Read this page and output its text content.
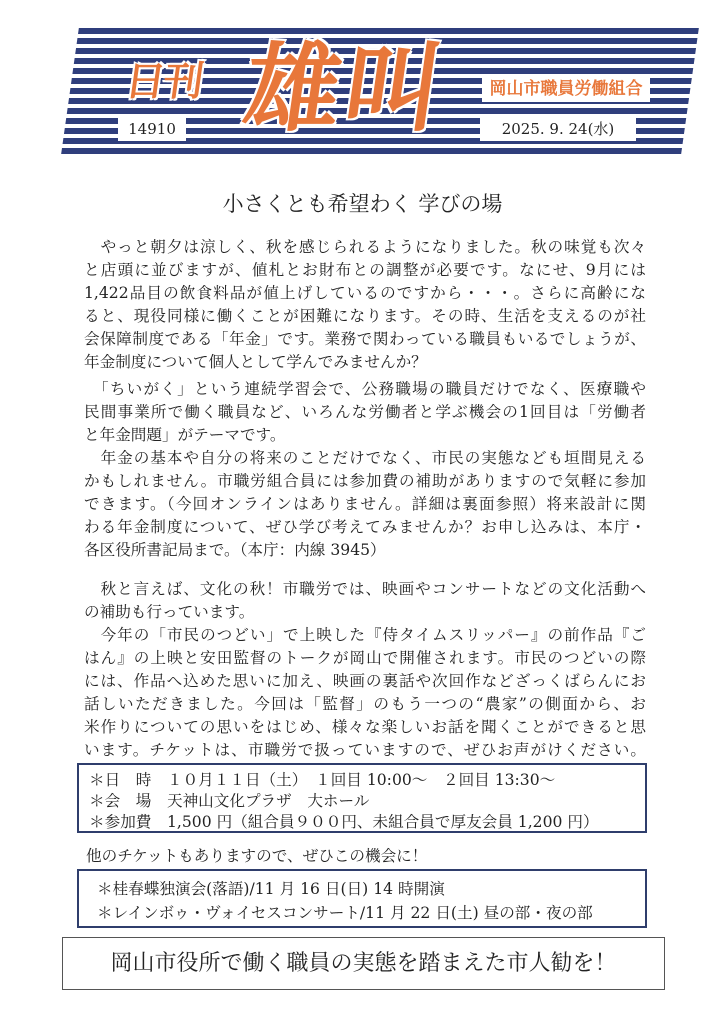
日刊 雄叫	岡山市職員労働組合
14910	2025. 9. 24(水)
小さくとも希望わく 学びの場
　やっと朝夕は涼しく、秋を感じられるようになりました。秋の味覚も次々
と店頭に並びますが、値札とお財布との調整が必要です。なにせ、9月には
1,422品目の飲食料品が値上げしているのですから・・・。さらに高齢にな
ると、現役同様に働くことが困難になります。その時、生活を支えるのが社
会保障制度である「年金」です。業務で関わっている職員もいるでしょうが、
年金制度について個人として学んでみませんか？
　「ちいがく」という連続学習会で、公務職場の職員だけでなく、医療職や
民間事業所で働く職員など、いろんな労働者と学ぶ機会の1回目は「労働者
と年金問題」がテーマです。
　年金の基本や自分の将来のことだけでなく、市民の実態なども垣間見える
かもしれません。市職労組合員には参加費の補助がありますので気軽に参加
できます。（今回オンラインはありません。詳細は裏面参照）将来設計に関
わる年金制度について、ぜひ学び考えてみませんか？お申し込みは、本庁・
各区役所書記局まで。（本庁：内線 3945）
　秋と言えば、文化の秋！市職労では、映画やコンサートなどの文化活動へ
の補助も行っています。
　今年の「市民のつどい」で上映した『侍タイムスリッパー』の前作品『ご
はん』の上映と安田監督のトークが岡山で開催されます。市民のつどいの際
には、作品へ込めた思いに加え、映画の裏話や次回作などざっくばらんにお
話しいただきました。今回は「監督」のもう一つの“農家”の側面から、お
米作りについての思いをはじめ、様々な楽しいお話を聞くことができると思
います。チケットは、市職労で扱っていますので、ぜひお声がけください。
＊日　時　１０月１１日（土）　１回目 10:00～　２回目 13:30～
＊会　場　天神山文化プラザ　大ホール
＊参加費　1,500 円（組合員９００円、未組合員で厚友会員 1,200 円）
他のチケットもありますので、ぜひこの機会に！
＊桂春蝶独演会(落語)/11 月 16 日(日) 14 時開演
＊レインボゥ・ヴォイセスコンサート/11 月 22 日(土) 昼の部・夜の部
岡山市役所で働く職員の実態を踏まえた市人勧を！
